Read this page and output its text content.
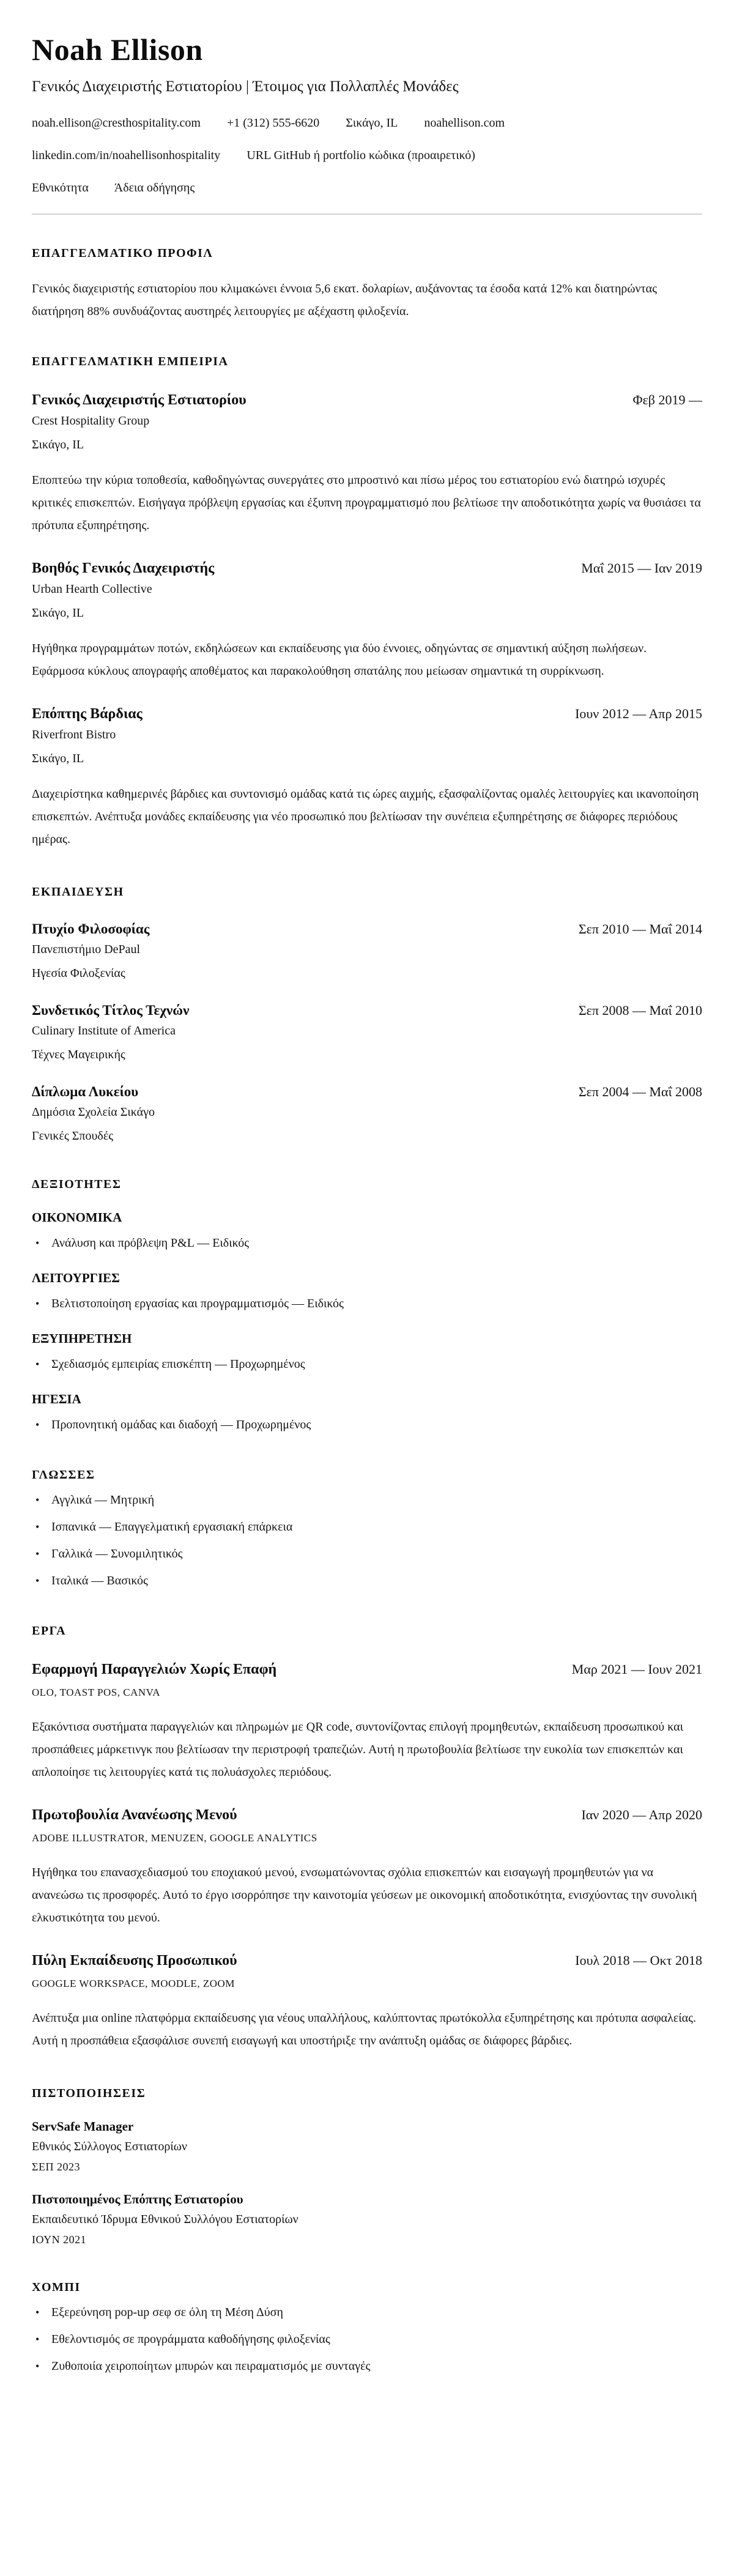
Noah Ellison
Γενικός Διαχειριστής Εστιατορίου | Έτοιμος για Πολλαπλές Μονάδες
noah.ellison@cresthospitality.com +1 (312) 555-6620 Σικάγο, IL noahellison.com
linkedin.com/in/noahellisonhospitality URL GitHub ή portfolio κώδικα (προαιρετικό)
Εθνικότητα Άδεια οδήγησης
ΕΠΑΓΓΕΛΜΑΤΙΚΟ ΠΡΟΦΙΛ

Γενικός διαχειριστής εστιατορίου που κλιμακώνει έννοια 5,6 εκατ. δολαρίων, αυξάνοντας τα έσοδα κατά 12% και διατηρώντας διατήρηση 88% συνδυάζοντας αυστηρές λειτουργίες με αξέχαστη φιλοξενία.

ΕΠΑΓΓΕΛΜΑΤΙΚΗ ΕΜΠΕΙΡΙΑ
Γενικός Διαχειριστής Εστιατορίου	Φεβ 2019 —
Crest Hospitality Group
Σικάγο, IL

Εποπτεύω την κύρια τοποθεσία, καθοδηγώντας συνεργάτες στο μπροστινό και πίσω μέρος του εστιατορίου ενώ διατηρώ ισχυρές κριτικές επισκεπτών. Εισήγαγα πρόβλεψη εργασίας και έξυπνη προγραμματισμό που βελτίωσε την αποδοτικότητα χωρίς να θυσιάσει τα πρότυπα εξυπηρέτησης.

Βοηθός Γενικός Διαχειριστής	Μαΐ 2015 — Ιαν 2019
Urban Hearth Collective
Σικάγο, IL

Ηγήθηκα προγραμμάτων ποτών, εκδηλώσεων και εκπαίδευσης για δύο έννοιες, οδηγώντας σε σημαντική αύξηση πωλήσεων. Εφάρμοσα κύκλους απογραφής αποθέματος και παρακολούθηση σπατάλης που μείωσαν σημαντικά τη συρρίκνωση.

Επόπτης Βάρδιας	Ιουν 2012 — Απρ 2015
Riverfront Bistro
Σικάγο, IL

Διαχειρίστηκα καθημερινές βάρδιες και συντονισμό ομάδας κατά τις ώρες αιχμής, εξασφαλίζοντας ομαλές λειτουργίες και ικανοποίηση επισκεπτών. Ανέπτυξα μονάδες εκπαίδευσης για νέο προσωπικό που βελτίωσαν την συνέπεια εξυπηρέτησης σε διάφορες περιόδους ημέρας.

ΕΚΠΑΙΔΕΥΣΗ
Πτυχίο Φιλοσοφίας	Σεπ 2010 — Μαΐ 2014
Πανεπιστήμιο DePaul
Ηγεσία Φιλοξενίας
Συνδετικός Τίτλος Τεχνών	Σεπ 2008 — Μαΐ 2010
Culinary Institute of America
Τέχνες Μαγειρικής
Δίπλωμα Λυκείου	Σεπ 2004 — Μαΐ 2008
Δημόσια Σχολεία Σικάγο
Γενικές Σπουδές
ΔΕΞΙΟΤΗΤΕΣ
ΟΙΚΟΝΟΜΙΚΑ
• Ανάλυση και πρόβλεψη P&L — Ειδικός
ΛΕΙΤΟΥΡΓΙΕΣ
• Βελτιστοποίηση εργασίας και προγραμματισμός — Ειδικός
ΕΞΥΠΗΡΕΤΗΣΗ
• Σχεδιασμός εμπειρίας επισκέπτη — Προχωρημένος
ΗΓΕΣΙΑ
• Προπονητική ομάδας και διαδοχή — Προχωρημένος
ΓΛΩΣΣΕΣ
• Αγγλικά — Μητρική
• Ισπανικά — Επαγγελματική εργασιακή επάρκεια
• Γαλλικά — Συνομιλητικός
• Ιταλικά — Βασικός
ΕΡΓΑ
Εφαρμογή Παραγγελιών Χωρίς Επαφή	Μαρ 2021 — Ιουν 2021
OLO, TOAST POS, CANVA

Εξακόντισα συστήματα παραγγελιών και πληρωμών με QR code, συντονίζοντας επιλογή προμηθευτών, εκπαίδευση προσωπικού και προσπάθειες μάρκετινγκ που βελτίωσαν την περιστροφή τραπεζιών. Αυτή η πρωτοβουλία βελτίωσε την ευκολία των επισκεπτών και απλοποίησε τις λειτουργίες κατά τις πολυάσχολες περιόδους.

Πρωτοβουλία Ανανέωσης Μενού	Ιαν 2020 — Απρ 2020
ADOBE ILLUSTRATOR, MENUZEN, GOOGLE ANALYTICS

Ηγήθηκα του επανασχεδιασμού του εποχιακού μενού, ενσωματώνοντας σχόλια επισκεπτών και εισαγωγή προμηθευτών για να ανανεώσω τις προσφορές. Αυτό το έργο ισορρόπησε την καινοτομία γεύσεων με οικονομική αποδοτικότητα, ενισχύοντας την συνολική ελκυστικότητα του μενού.

Πύλη Εκπαίδευσης Προσωπικού	Ιουλ 2018 — Οκτ 2018
GOOGLE WORKSPACE, MOODLE, ZOOM

Ανέπτυξα μια online πλατφόρμα εκπαίδευσης για νέους υπαλλήλους, καλύπτοντας πρωτόκολλα εξυπηρέτησης και πρότυπα ασφαλείας. Αυτή η προσπάθεια εξασφάλισε συνεπή εισαγωγή και υποστήριξε την ανάπτυξη ομάδας σε διάφορες βάρδιες.

ΠΙΣΤΟΠΟΙΗΣΕΙΣ
ServSafe Manager
Εθνικός Σύλλογος Εστιατορίων
ΣΕΠ 2023
Πιστοποιημένος Επόπτης Εστιατορίου
Εκπαιδευτικό Ίδρυμα Εθνικού Συλλόγου Εστιατορίων
ΙΟΥΝ 2021
ΧΟΜΠΙ
• Εξερεύνηση pop-up σεφ σε όλη τη Μέση Δύση
• Εθελοντισμός σε προγράμματα καθοδήγησης φιλοξενίας
• Ζυθοποιία χειροποίητων μπυρών και πειραματισμός με συνταγές
